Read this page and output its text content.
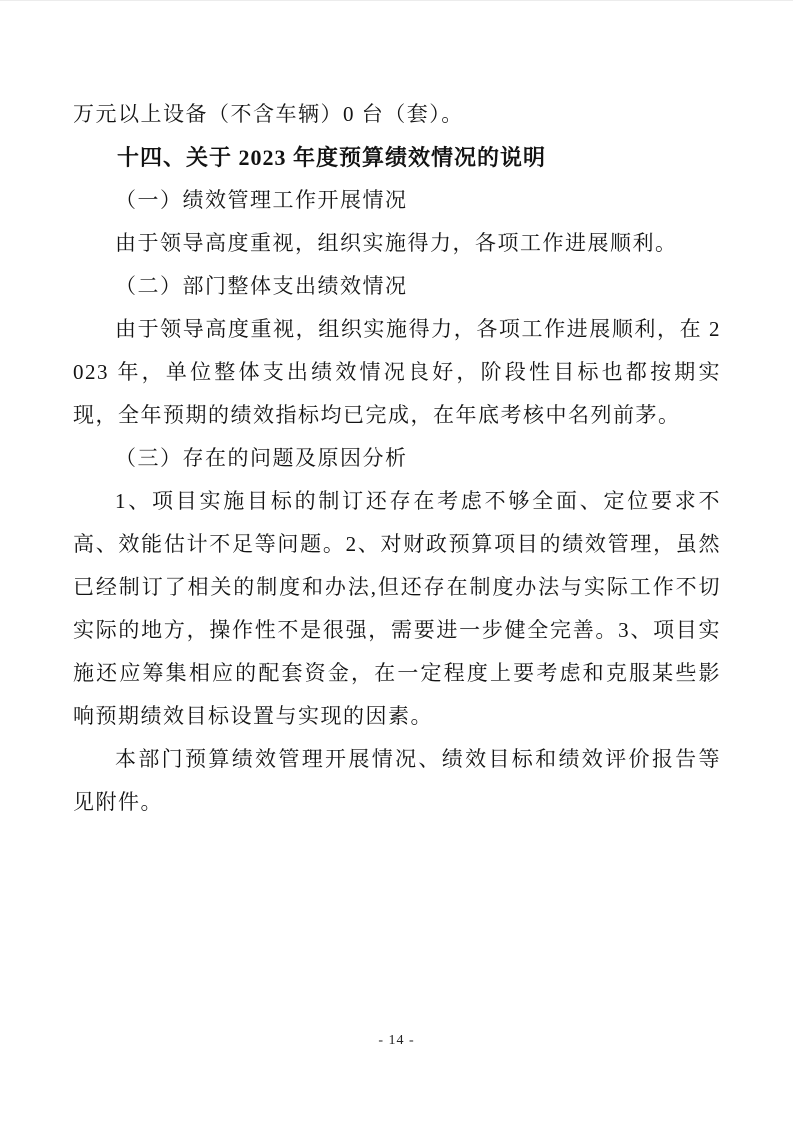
万元以上设备（不含车辆）0 台（套）。

十四、关于 2023 年度预算绩效情况的说明

（一）绩效管理工作开展情况

由于领导高度重视，组织实施得力，各项工作进展顺利。

（二）部门整体支出绩效情况

由于领导高度重视，组织实施得力，各项工作进展顺利，在 2023 年，单位整体支出绩效情况良好，阶段性目标也都按期实现，全年预期的绩效指标均已完成，在年底考核中名列前茅。

（三）存在的问题及原因分析

1、项目实施目标的制订还存在考虑不够全面、定位要求不高、效能估计不足等问题。2、对财政预算项目的绩效管理，虽然已经制订了相关的制度和办法,但还存在制度办法与实际工作不切实际的地方，操作性不是很强，需要进一步健全完善。3、项目实施还应筹集相应的配套资金，在一定程度上要考虑和克服某些影响预期绩效目标设置与实现的因素。

本部门预算绩效管理开展情况、绩效目标和绩效评价报告等见附件。

- 14 -
